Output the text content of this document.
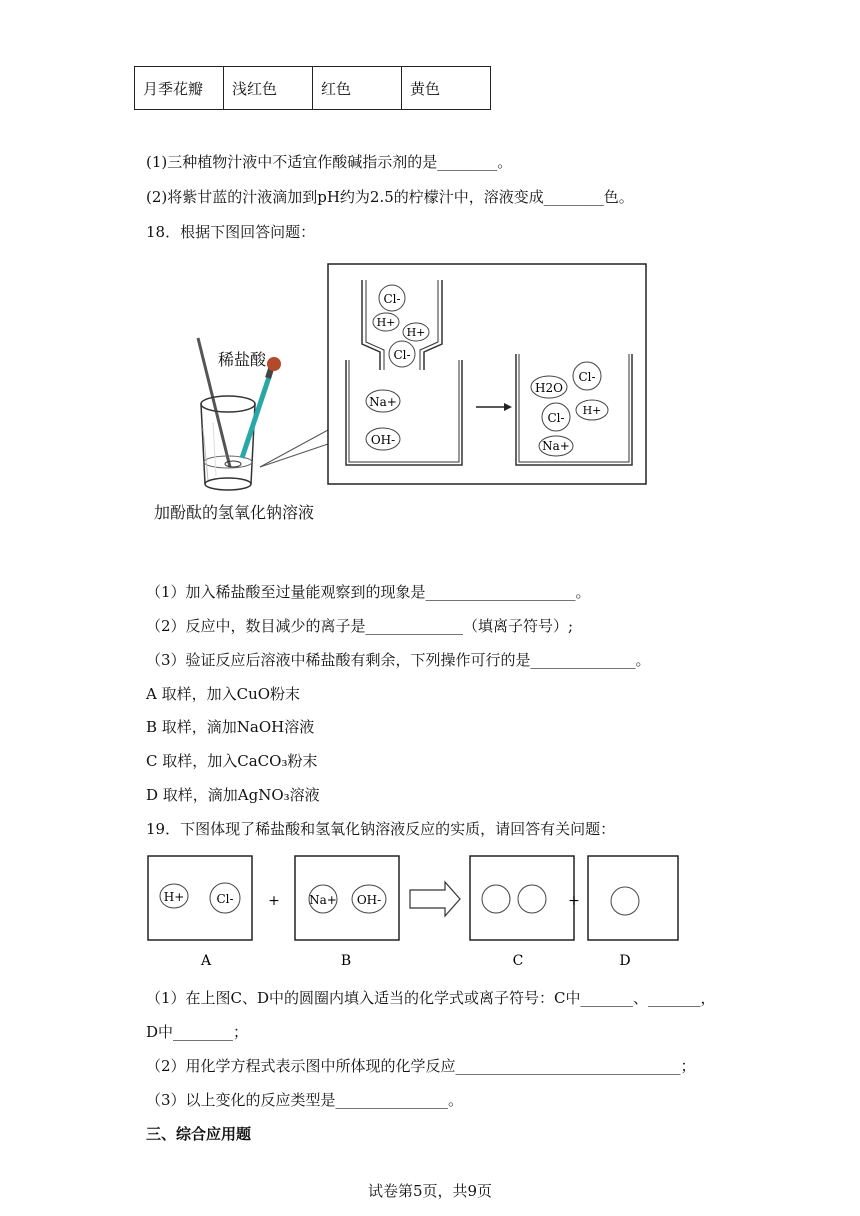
月季花瓣	浅红色	红色	黄色
(1)三种植物汁液中不适宜作酸碱指示剂的是________。
(2)将紫甘蓝的汁液滴加到pH约为2.5的柠檬汁中，溶液变成________色。
18．根据下图回答问题：
Cl-
H+
H+
Cl-
Na+
OH-
H2O
Cl-
Cl-
H+
Na+
稀盐酸
加酚酞的氢氧化钠溶液
（1）加入稀盐酸至过量能观察到的现象是____________________。
（2）反应中，数目减少的离子是_____________（填离子符号）;
（3）验证反应后溶液中稀盐酸有剩余，下列操作可行的是______________。
A 取样，加入CuO粉末
B 取样，滴加NaOH溶液
C 取样，加入CaCO₃粉末
D 取样，滴加AgNO₃溶液
19．下图体现了稀盐酸和氢氧化钠溶液反应的实质，请回答有关问题：
H+	Cl- + Na+ OH-	+
A	B	C	D
（1）在上图C、D中的圆圈内填入适当的化学式或离子符号：C中_______、_______，
D中________；
（2）用化学方程式表示图中所体现的化学反应______________________________；
（3）以上变化的反应类型是_______________。
三、综合应用题
试卷第5页，共9页
